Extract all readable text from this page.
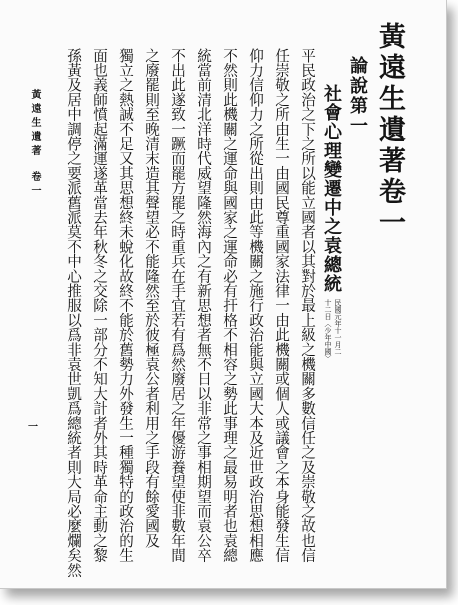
黃遠生遺著卷一
論說第一
社會心理變遷中之袁總統
民國元年十一月二
十二日〈少年中國〉
平民政治之下之所以能立國者以其對於最上級之機關多數信任之及崇敬之故也信
任崇敬之所由生一由國民尊重國家法律一由此機關或個人或議會之本身能發生信
仰力信仰力之所從出則由此等機關之施行政治能與立國大本及近世政治思想相應
不然則此機關之運命與國家之運命必有扞格不相容之勢此事理之最易明者也袁總
統當前清北洋時代威望隆然海內之有新思想者無不日以非常之事相期望而袁公卒
不出此遂致一蹶而罷方罷之時重兵在手宜若有爲然廢居之年優游養望使非數年間
之廢罷則至晚清末造其聲望必不能隆然至於彼極袁公者利用之手段有餘愛國及
獨立之熱誠不足又其思想終未蛻化故終不能於舊勢力外發生一種獨特的政治的生
面也義師憤起滿運遂革當去年秋冬之交除一部分不知大計者外其時革命主動之黎
孫黃及居中調停之要派舊派莫不中心推服以爲非袁世凱爲總統者則大局必麼爛矣然
黃遠生遺著卷一
一
